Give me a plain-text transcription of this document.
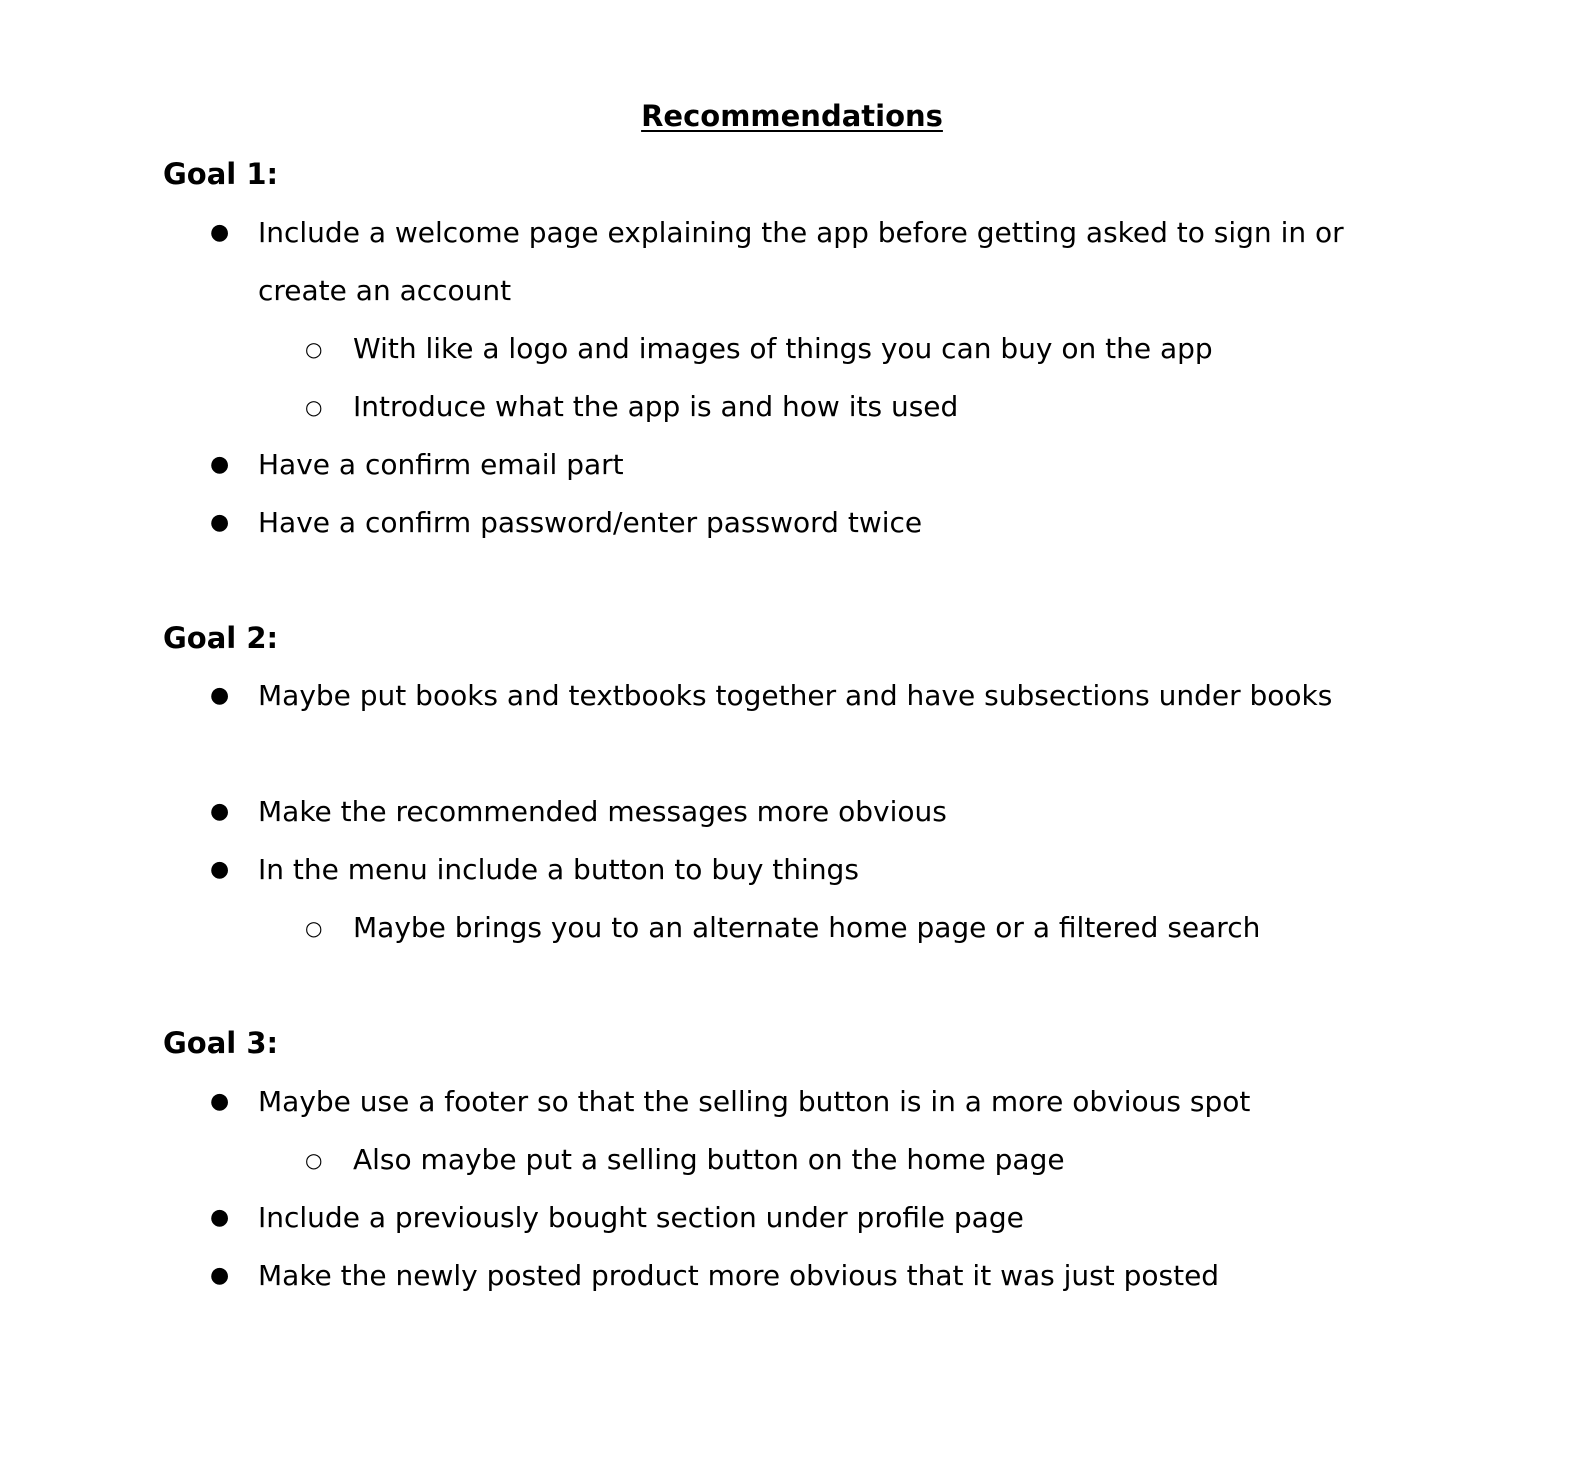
Recommendations
Goal 1:
● Include a welcome page explaining the app before getting asked to sign in or create an account
○ With like a logo and images of things you can buy on the app
○ Introduce what the app is and how its used
● Have a confirm email part
● Have a confirm password/enter password twice
Goal 2:
● Maybe put books and textbooks together and have subsections under books
● Make the recommended messages more obvious
● In the menu include a button to buy things
○ Maybe brings you to an alternate home page or a filtered search
Goal 3:
● Maybe use a footer so that the selling button is in a more obvious spot
○ Also maybe put a selling button on the home page
● Include a previously bought section under profile page
● Make the newly posted product more obvious that it was just posted
